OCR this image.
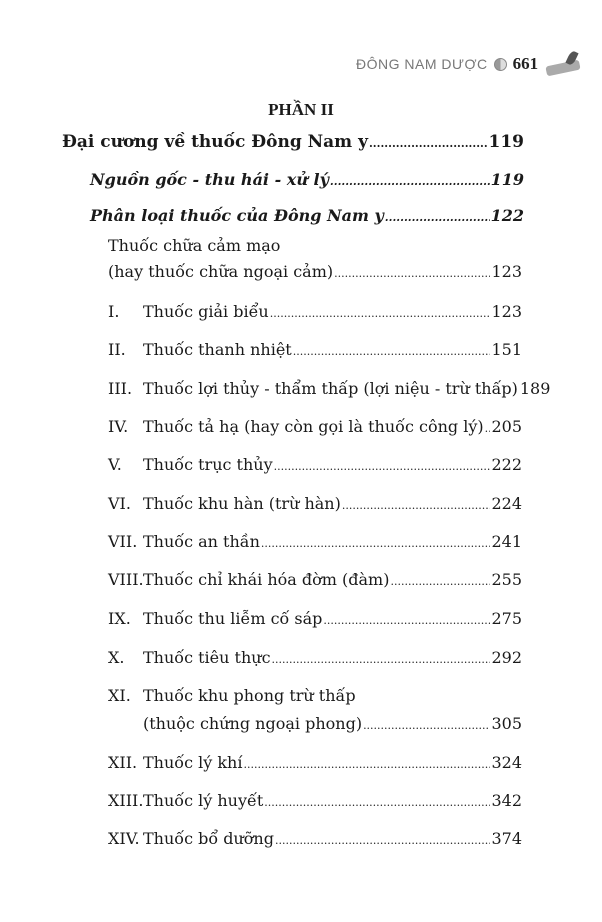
ĐÔNG NAM DƯỢC 661
PHẦN II
Đại cương về thuốc Đông Nam y .....	119
Nguồn gốc - thu hái - xử lý .....	119
Phân loại thuốc của Đông Nam y .....	122
Thuốc chữa cảm mạo
(hay thuốc chữa ngoại cảm) .....	123
I. Thuốc giải biểu .....	123
II. Thuốc thanh nhiệt .....	151
III. Thuốc lợi thủy - thẩm thấp (lợi niệu - trừ thấp) 189
IV. Thuốc tả hạ (hay còn gọi là thuốc công lý) ..... 205
V. Thuốc trục thủy .....	222
VI. Thuốc khu hàn (trừ hàn) .....	224
VII. Thuốc an thần .....	241
VIII. Thuốc chỉ khái hóa đờm (đàm) .....	255
IX. Thuốc thu liễm cố sáp .....	275
X. Thuốc tiêu thực .....	292
XI. Thuốc khu phong trừ thấp
(thuộc chứng ngoại phong) .....	305
XII. Thuốc lý khí .....	324
XIII. Thuốc lý huyết .....	342
XIV. Thuốc bổ dưỡng .....	374
